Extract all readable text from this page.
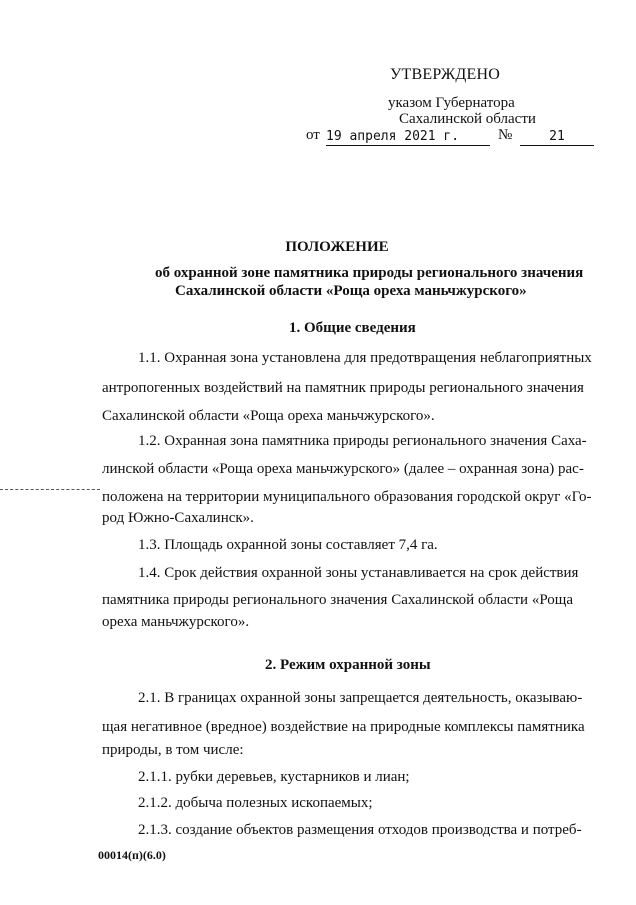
УТВЕРЖДЕНО
указом Губернатора
Сахалинской области
от 19 апреля 2021 г.	№	21
ПОЛОЖЕНИЕ
об охранной зоне памятника природы регионального значения
Сахалинской области «Роща ореха маньчжурского»
1. Общие сведения
1.1. Охранная зона установлена для предотвращения неблагоприятных
антропогенных воздействий на памятник природы регионального значения
Сахалинской области «Роща ореха маньчжурского».
1.2. Охранная зона памятника природы регионального значения Саха-
линской области «Роща ореха маньчжурского» (далее – охранная зона) рас-
положена на территории муниципального образования городской округ «Го-
род Южно-Сахалинск».
1.3. Площадь охранной зоны составляет 7,4 га.
1.4. Срок действия охранной зоны устанавливается на срок действия
памятника природы регионального значения Сахалинской области «Роща
ореха маньчжурского».
2. Режим охранной зоны
2.1. В границах охранной зоны запрещается деятельность, оказываю-
щая негативное (вредное) воздействие на природные комплексы памятника
природы, в том числе:
2.1.1. рубки деревьев, кустарников и лиан;
2.1.2. добыча полезных ископаемых;
2.1.3. создание объектов размещения отходов производства и потреб-
00014(п)(6.0)
